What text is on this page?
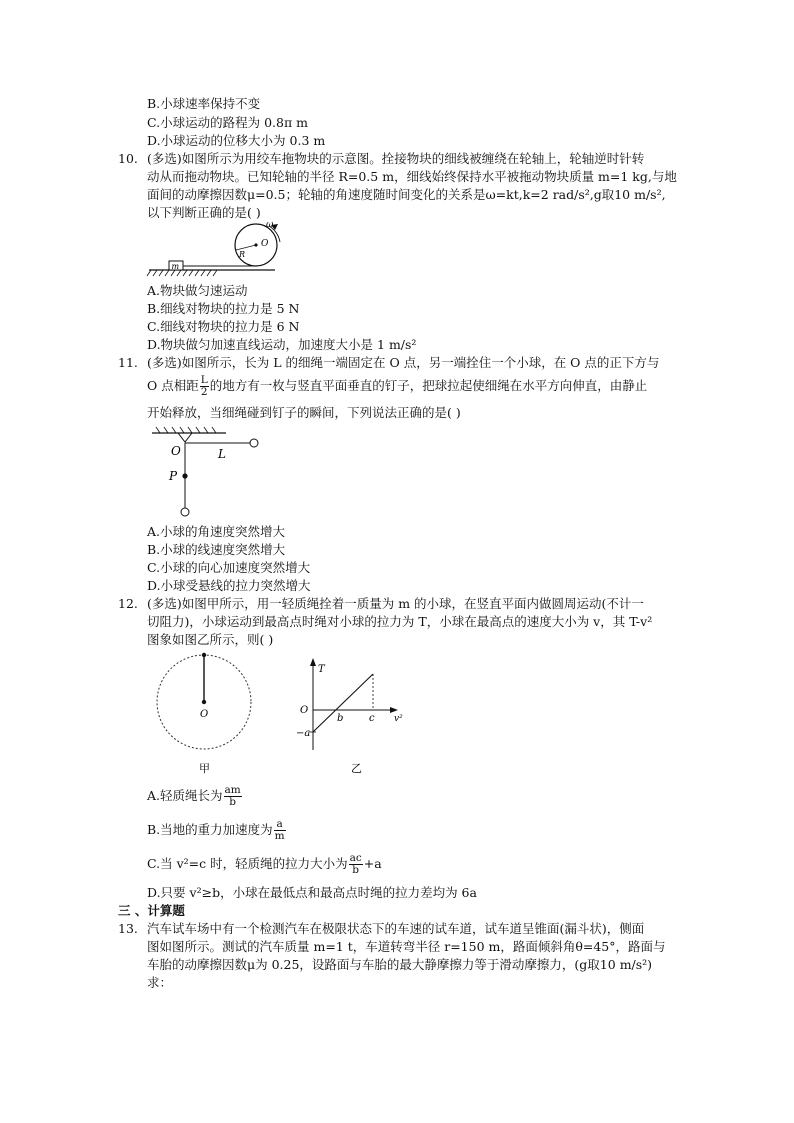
B.小球速率保持不变
C.小球运动的路程为 0.8π m
D.小球运动的位移大小为 0.3 m
10. (多选)如图所示为用绞车拖物块的示意图。拴接物块的细线被缠绕在轮轴上，轮轴逆时针转
动从而拖动物块。已知轮轴的半径 R=0.5 m，细线始终保持水平被拖动物块质量 m=1 kg,与地
面间的动摩擦因数μ=0.5；轮轴的角速度随时间变化的关系是ω=kt,k=2 rad/s²,g取10 m/s²,
以下判断正确的是( )
m
O
R
ω
A.物块做匀速运动
B.细线对物块的拉力是 5 N
C.细线对物块的拉力是 6 N
D.物块做匀加速直线运动，加速度大小是 1 m/s²
11. (多选)如图所示，长为 L 的细绳一端固定在 O 点，另一端拴住一个小球，在 O 点的正下方与
O 点相距 $\frac{L}{2}$ 的地方有一枚与竖直平面垂直的钉子，把球拉起使细绳在水平方向伸直，由静止
开始释放，当细绳碰到钉子的瞬间，下列说法正确的是( )
O	L
P
A.小球的角速度突然增大
B.小球的线速度突然增大
C.小球的向心加速度突然增大
D.小球受悬线的拉力突然增大
12. (多选)如图甲所示，用一轻质绳拴着一质量为 m 的小球，在竖直平面内做圆周运动(不计一
切阻力)，小球运动到最高点时绳对小球的拉力为 T，小球在最高点的速度大小为 v，其 T-v²
图象如图乙所示，则( )
O
甲
T
O
b	c v²
−a
乙
A.轻质绳长为 $\frac{am}{b}$
B.当地的重力加速度为 $\frac{a}{m}$
C.当 v²=c 时，轻质绳的拉力大小为 $\frac{ac}{b} +a$
D.只要 v²≥b，小球在最低点和最高点时绳的拉力差均为 6a
三 、计算题
13. 汽车试车场中有一个检测汽车在极限状态下的车速的试车道，试车道呈锥面(漏斗状)，侧面
图如图所示。测试的汽车质量 m=1 t，车道转弯半径 r=150 m，路面倾斜角θ=45°，路面与
车胎的动摩擦因数μ为 0.25，设路面与车胎的最大静摩擦力等于滑动摩擦力，(g取10 m/s²)
求：
